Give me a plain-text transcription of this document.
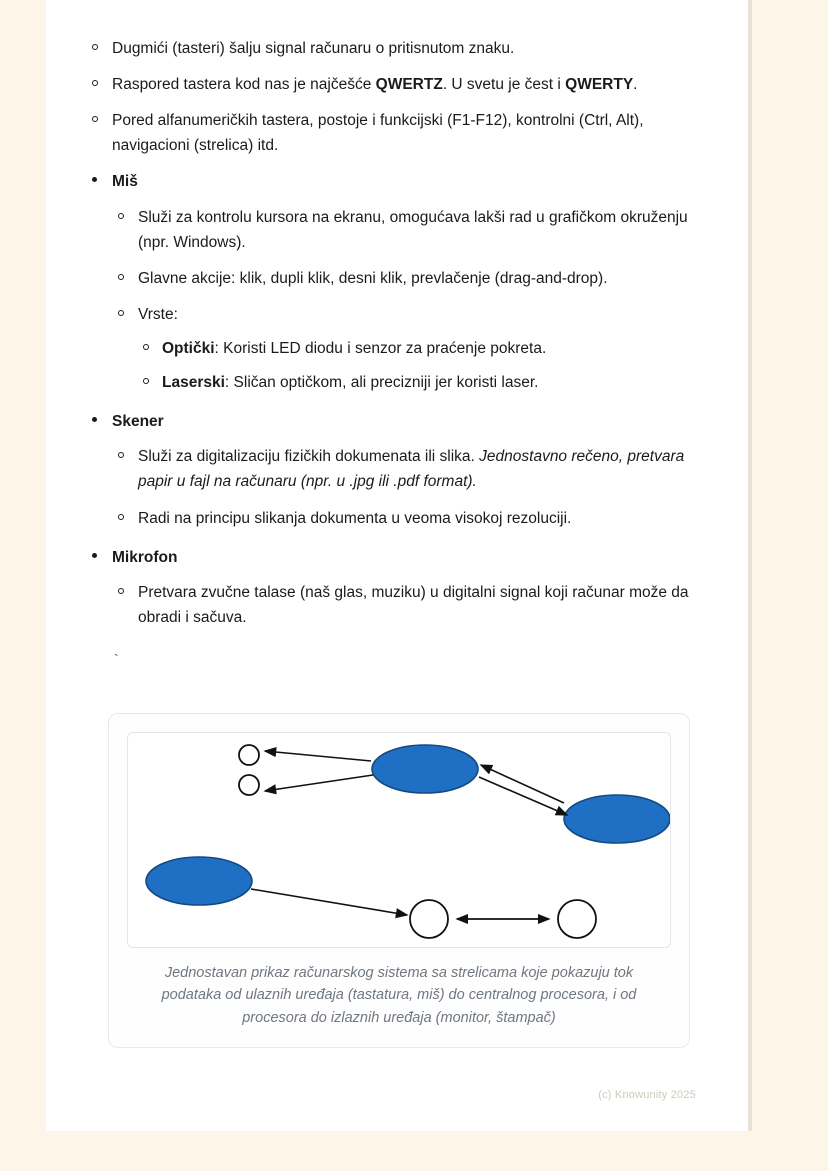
Dugmići (tasteri) šalju signal računaru o pritisnutom znaku.
Raspored tastera kod nas je najčešće QWERTZ. U svetu je čest i QWERTY.
Pored alfanumeričkih tastera, postoje i funkcijski (F1-F12), kontrolni (Ctrl, Alt), navigacioni (strelica) itd.
Miš
Služi za kontrolu kursora na ekranu, omogućava lakši rad u grafičkom okruženju (npr. Windows).
Glavne akcije: klik, dupli klik, desni klik, prevlačenje (drag-and-drop).
Vrste:
Optički: Koristi LED diodu i senzor za praćenje pokreta.
Laserski: Sličan optičkom, ali precizniji jer koristi laser.
Skener
Služi za digitalizaciju fizičkih dokumenata ili slika. Jednostavno rečeno, pretvara papir u fajl na računaru (npr. u .jpg ili .pdf format).
Radi na principu slikanja dokumenta u veoma visokoj rezoluciji.
Mikrofon
Pretvara zvučne talase (naš glas, muziku) u digitalni signal koji računar može da obradi i sačuva.
`
Jednostavan prikaz računarskog sistema sa strelicama koje pokazuju tok podataka od ulaznih uređaja (tastatura, miš) do centralnog procesora, i od procesora do izlaznih uređaja (monitor, štampač)
(c) Knowunity 2025
